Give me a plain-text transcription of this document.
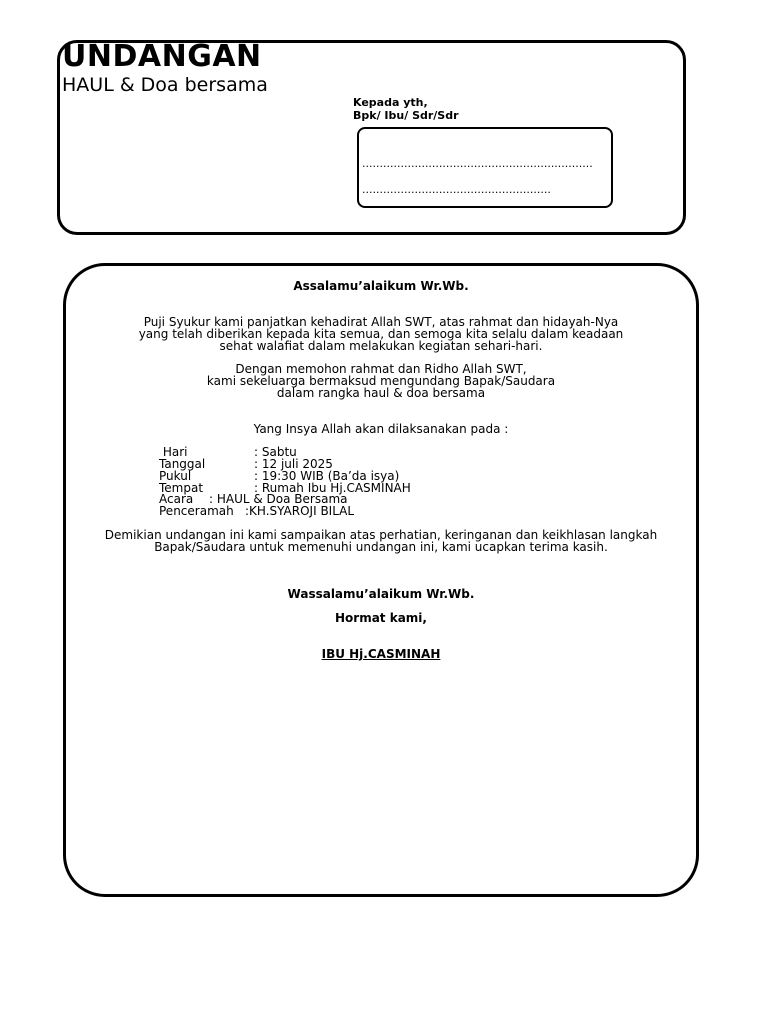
UNDANGAN
HAUL & Doa bersama
Kepada yth,
Bpk/ Ibu/ Sdr/Sdr
..................................................................
......................................................
Assalamu’alaikum Wr.Wb.
Puji Syukur kami panjatkan kehadirat Allah SWT, atas rahmat dan hidayah-Nya
yang telah diberikan kepada kita semua, dan semoga kita selalu dalam keadaan
sehat walafiat dalam melakukan kegiatan sehari-hari.
Dengan memohon rahmat dan Ridho Allah SWT,
kami sekeluarga bermaksud mengundang Bapak/Saudara
dalam rangka haul & doa bersama
Yang Insya Allah akan dilaksanakan pada :
Hari	: Sabtu
Tanggal	: 12 juli 2025
Pukul	: 19:30 WIB (Ba’da isya)
Tempat	: Rumah Ibu Hj.CASMINAH
Acara : HAUL & Doa Bersama
Penceramah :KH.SYAROJI BILAL
Demikian undangan ini kami sampaikan atas perhatian, keringanan dan keikhlasan langkah
Bapak/Saudara untuk memenuhi undangan ini, kami ucapkan terima kasih.
Wassalamu’alaikum Wr.Wb.
Hormat kami,
IBU Hj.CASMINAH
